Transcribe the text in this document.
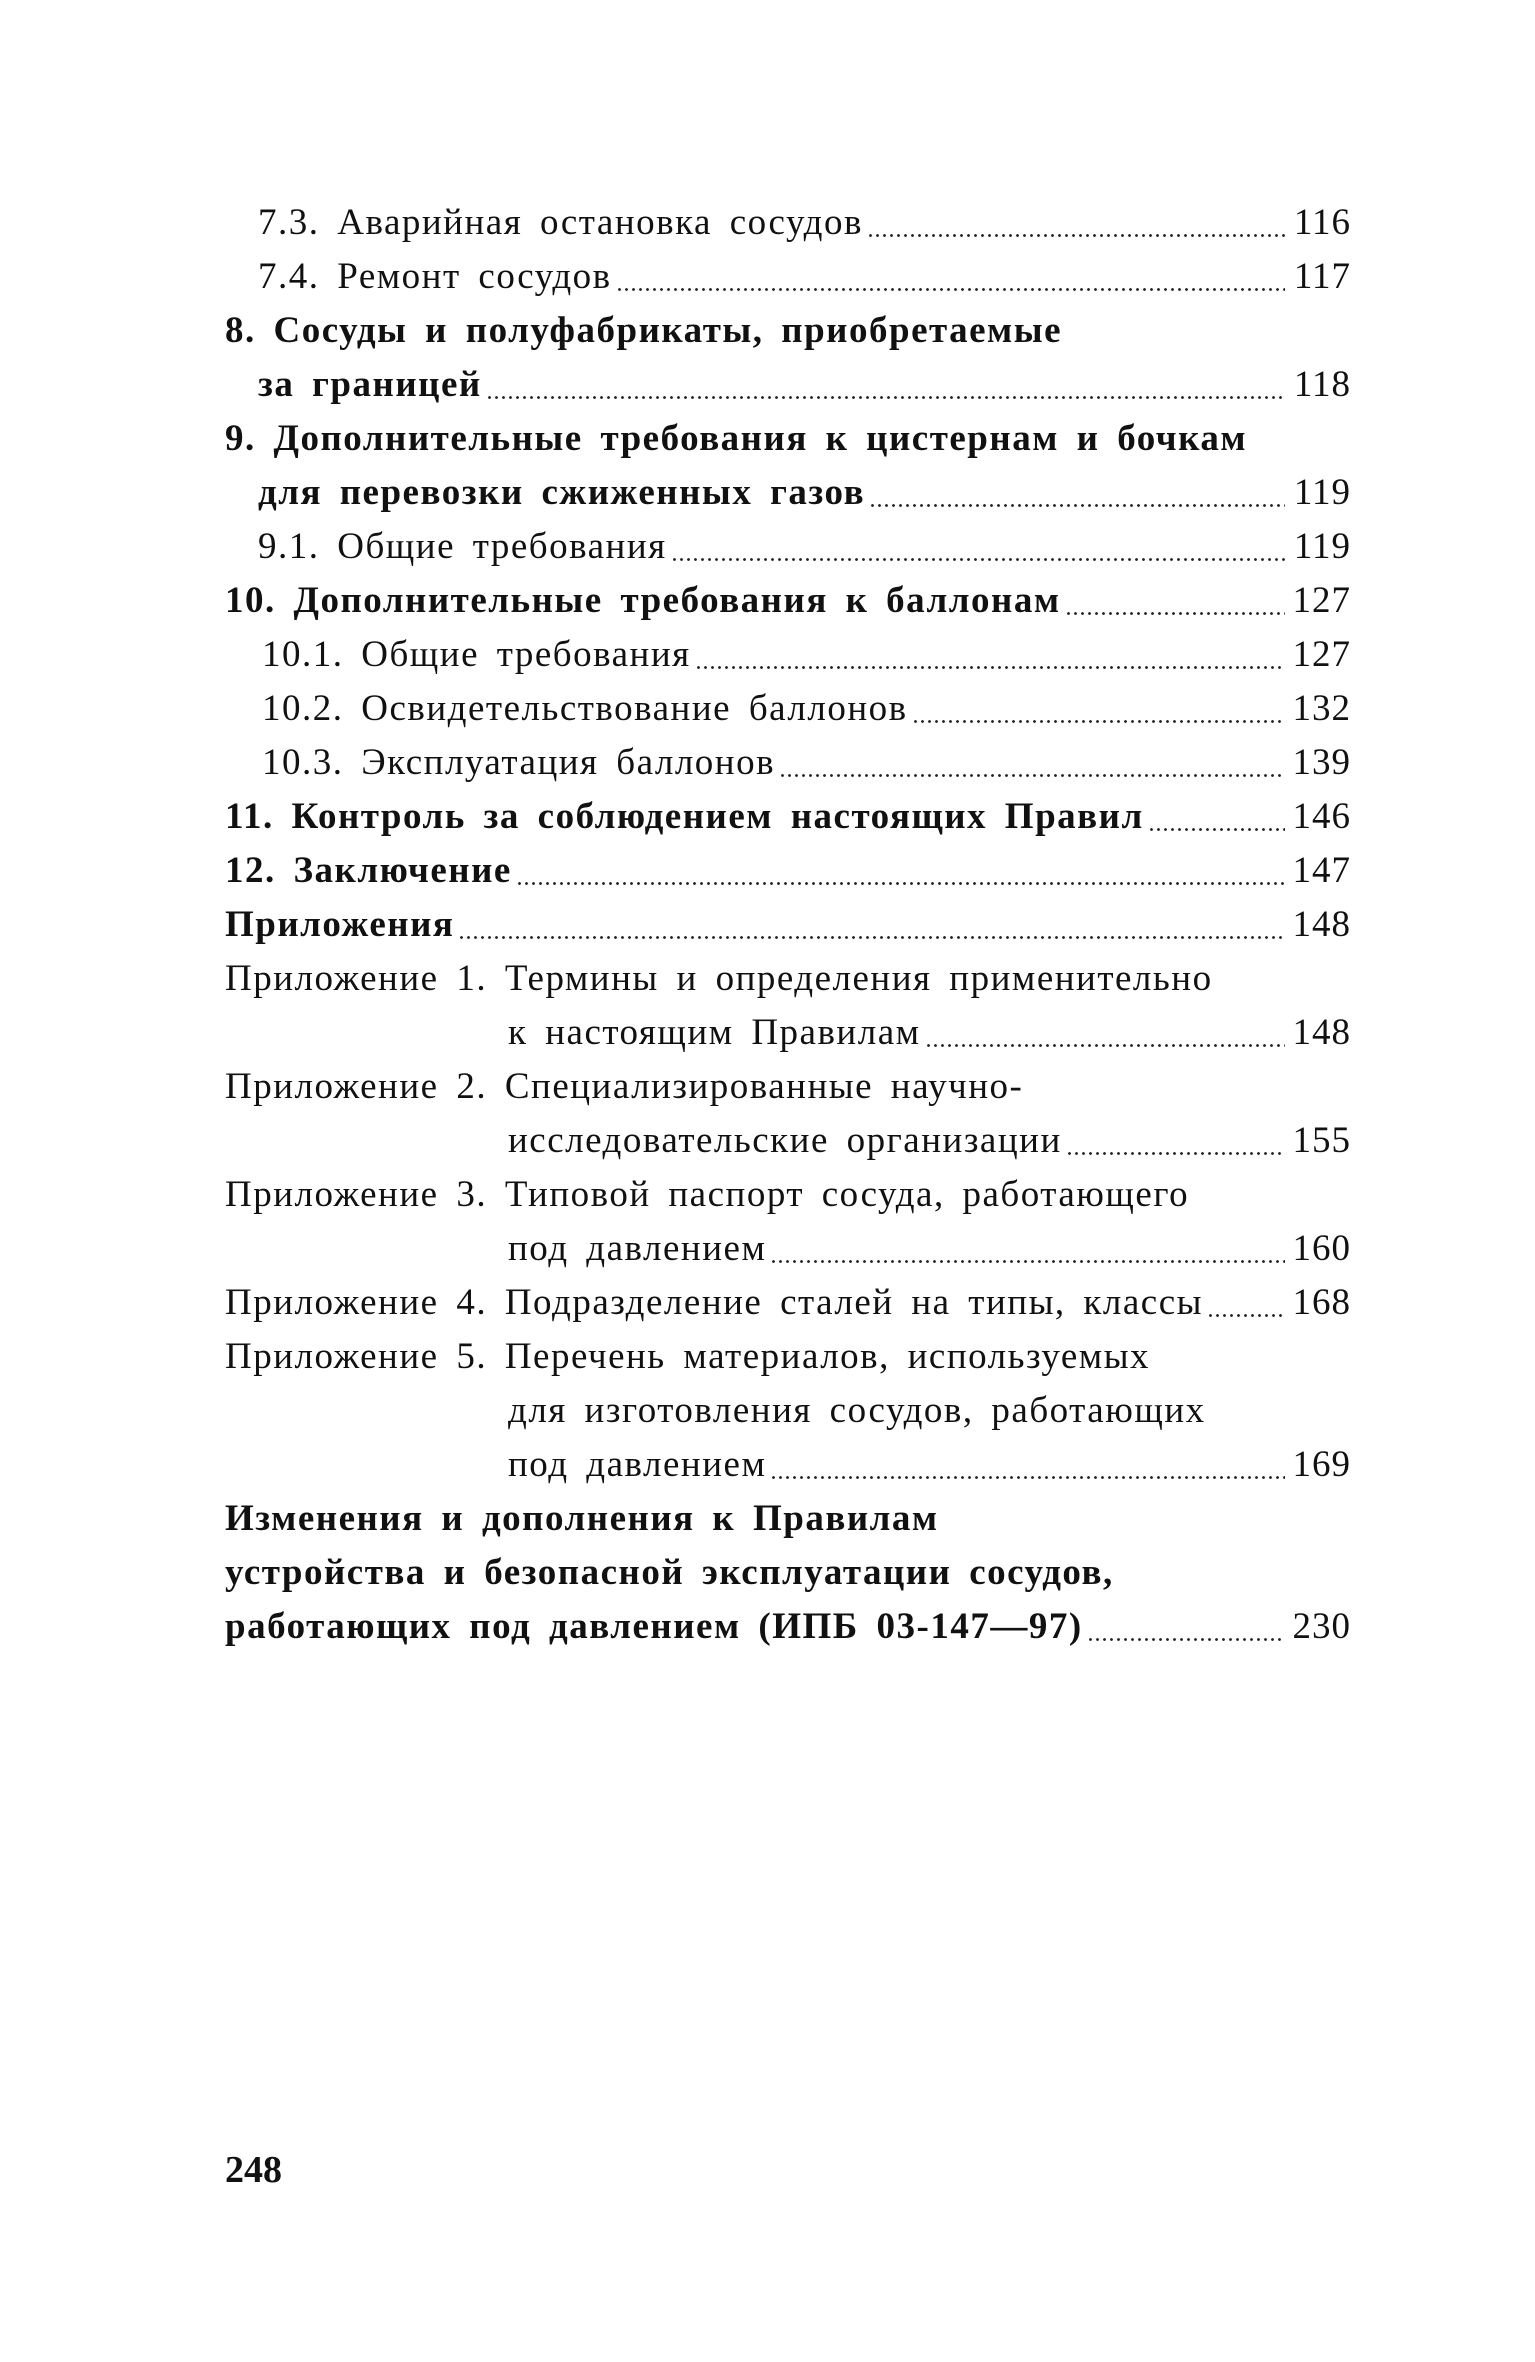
7.3. Аварийная остановка сосудов	116
7.4. Ремонт сосудов	117
8. Сосуды и полуфабрикаты, приобретаемые
за границей	118
9. Дополнительные требования к цистернам и бочкам
для перевозки сжиженных газов	119
9.1. Общие требования	119
10. Дополнительные требования к баллонам	127
10.1. Общие требования	127
10.2. Освидетельствование баллонов	132
10.3. Эксплуатация баллонов	139
11. Контроль за соблюдением настоящих Правил	146
12. Заключение	147
Приложения	148
Приложение 1. Термины и определения применительно
к настоящим Правилам	148
Приложение 2. Специализированные научно-
исследовательские организации	155
Приложение 3. Типовой паспорт сосуда, работающего
под давлением	160
Приложение 4. Подразделение сталей на типы, классы 168
Приложение 5. Перечень материалов, используемых
для изготовления сосудов, работающих
под давлением	169
Изменения и дополнения к Правилам
устройства и безопасной эксплуатации сосудов,
работающих под давлением (ИПБ 03-147—97)	230
248
